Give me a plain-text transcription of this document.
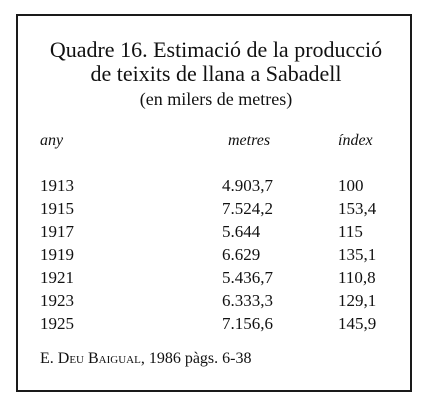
Quadre 16. Estimació de la producció
de teixits de llana a Sabadell
(en milers de metres)
any	metres	índex
1913	4.903,7	100
1915	7.524,2	153,4
1917	5.644	115
1919	6.629	135,1
1921	5.436,7	110,8
1923	6.333,3	129,1
1925	7.156,6	145,9
E. Deu Baigual, 1986 pàgs. 6-38
